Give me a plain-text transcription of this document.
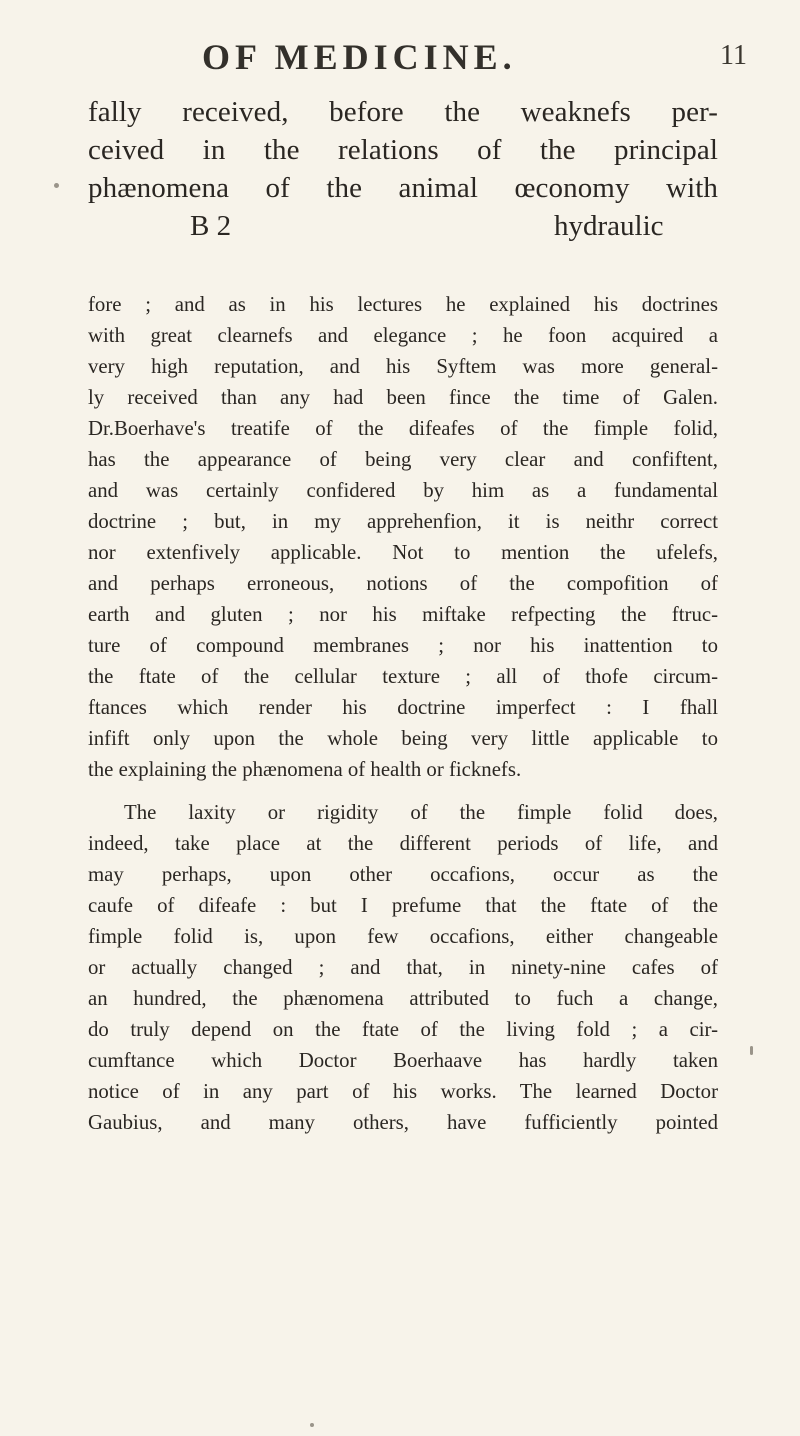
OF MEDICINE.	11
fally received, before the weaknefs per-
ceived in the relations of the principal
phænomena of the animal œconomy with
B 2	hydraulic
fore ; and as in his lectures he explained his doctrines
with great clearnefs and elegance ; he foon acquired a
very high reputation, and his Syftem was more general-
ly received than any had been fince the time of Galen.
Dr.Boerhave's treatife of the difeafes of the fimple folid,
has the appearance of being very clear and confiftent,
and was certainly confidered by him as a fundamental
doctrine ; but, in my apprehenfion, it is neithr correct
nor extenfively applicable. Not to mention the ufelefs,
and perhaps erroneous, notions of the compofition of
earth and gluten ; nor his miftake refpecting the ftruc-
ture of compound membranes ; nor his inattention to
the ftate of the cellular texture ; all of thofe circum-
ftances which render his doctrine imperfect : I fhall
infift only upon the whole being very little applicable to
the explaining the phænomena of health or ficknefs.
The laxity or rigidity of the fimple folid does,
indeed, take place at the different periods of life, and
may perhaps, upon other occafions, occur as the
caufe of difeafe : but I prefume that the ftate of the
fimple folid is, upon few occafions, either changeable
or actually changed ; and that, in ninety-nine cafes of
an hundred, the phænomena attributed to fuch a change,
do truly depend on the ftate of the living fold ; a cir-
cumftance which Doctor Boerhaave has hardly taken
notice of in any part of his works. The learned Doctor
Gaubius, and many others, have fufficiently pointed
